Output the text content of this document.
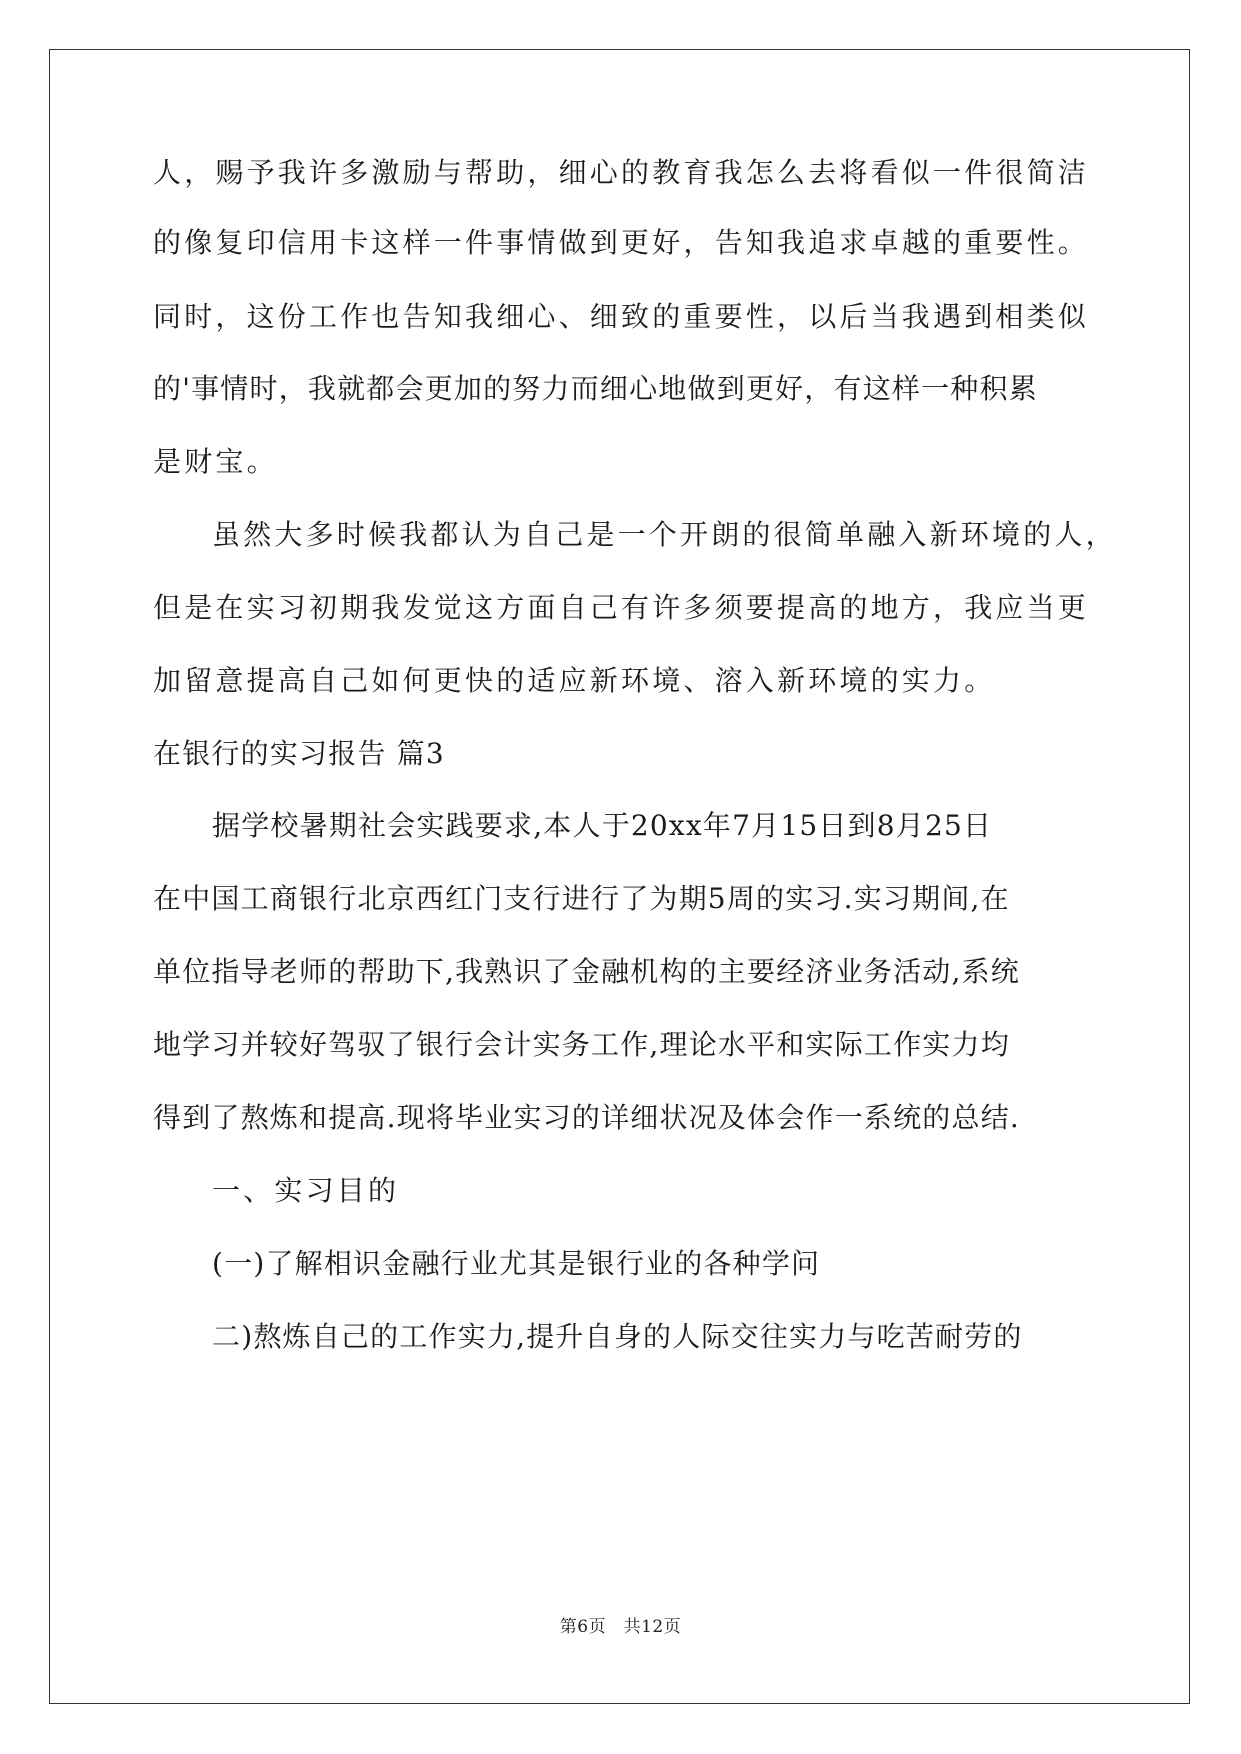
人，赐予我许多激励与帮助，细心的教育我怎么去将看似一件很简洁
的像复印信用卡这样一件事情做到更好，告知我追求卓越的重要性。
同时，这份工作也告知我细心、细致的重要性，以后当我遇到相类似
的'事情时，我就都会更加的努力而细心地做到更好，有这样一种积累
是财宝。
虽然大多时候我都认为自己是一个开朗的很简单融入新环境的人，
但是在实习初期我发觉这方面自己有许多须要提高的地方，我应当更
加留意提高自己如何更快的适应新环境、溶入新环境的实力。
在银行的实习报告 篇3
据学校暑期社会实践要求,本人于20xx年7月15日到8月25日
在中国工商银行北京西红门支行进行了为期5周的实习.实习期间,在
单位指导老师的帮助下,我熟识了金融机构的主要经济业务活动,系统
地学习并较好驾驭了银行会计实务工作,理论水平和实际工作实力均
得到了熬炼和提高.现将毕业实习的详细状况及体会作一系统的总结.
一、实习目的
(一)了解相识金融行业尤其是银行业的各种学问
二)熬炼自己的工作实力,提升自身的人际交往实力与吃苦耐劳的
第6页　共12页
